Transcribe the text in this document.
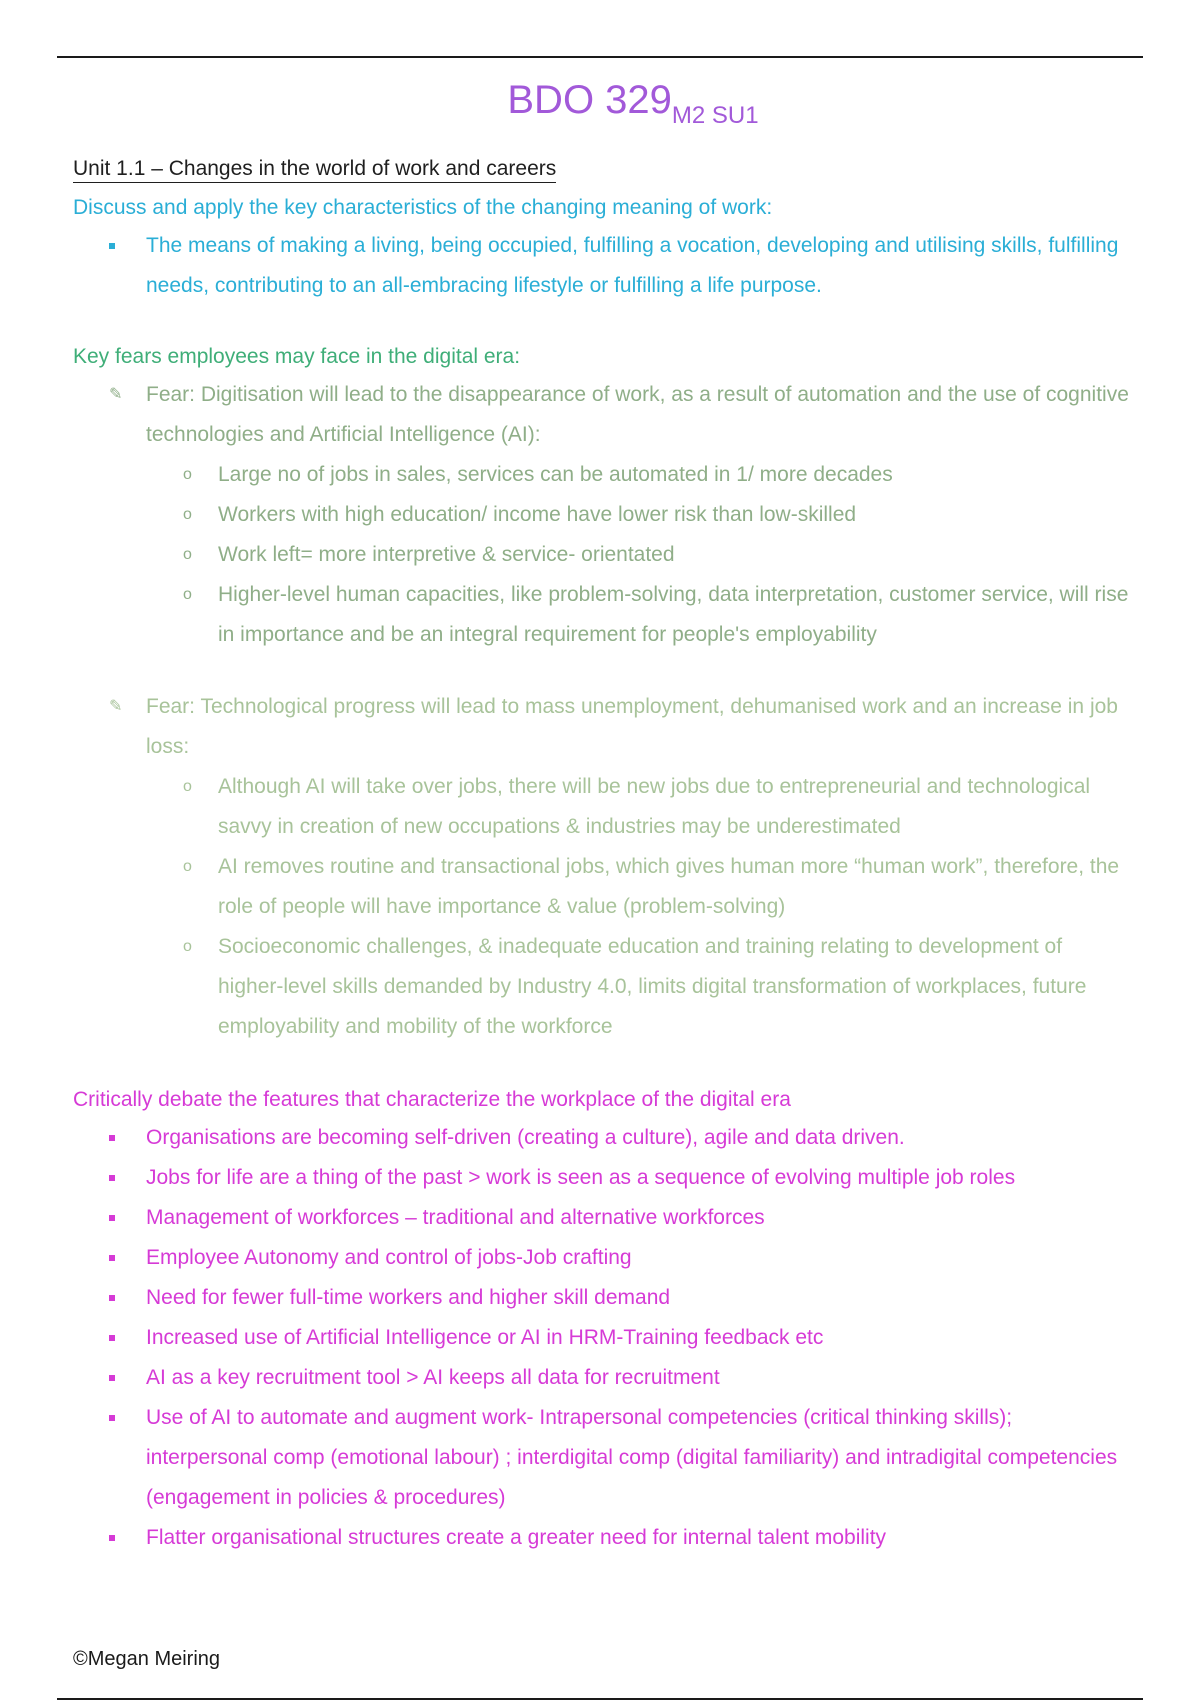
BDO $329_{M2 SU1}$
Unit 1.1 – Changes in the world of work and careers
Discuss and apply the key characteristics of the changing meaning of work:
The means of making a living, being occupied, fulfilling a vocation, developing and utilising skills, fulfilling needs, contributing to an all-embracing lifestyle or fulfilling a life purpose.
Key fears employees may face in the digital era:
✎ Fear: Digitisation will lead to the disappearance of work, as a result of automation and the use of cognitive technologies and Artificial Intelligence (AI):
o Large no of jobs in sales, services can be automated in 1/ more decades
o Workers with high education/ income have lower risk than low-skilled
o Work left= more interpretive & service- orientated
o Higher-level human capacities, like problem-solving, data interpretation, customer service, will rise in importance and be an integral requirement for people's employability
✎ Fear: Technological progress will lead to mass unemployment, dehumanised work and an increase in job loss:
o Although AI will take over jobs, there will be new jobs due to entrepreneurial and technological savvy in creation of new occupations & industries may be underestimated
o AI removes routine and transactional jobs, which gives human more “human work”, therefore, the role of people will have importance & value (problem-solving)
o Socioeconomic challenges, & inadequate education and training relating to development of higher-level skills demanded by Industry 4.0, limits digital transformation of workplaces, future employability and mobility of the workforce
Critically debate the features that characterize the workplace of the digital era
Organisations are becoming self-driven (creating a culture), agile and data driven.
Jobs for life are a thing of the past > work is seen as a sequence of evolving multiple job roles
Management of workforces – traditional and alternative workforces
Employee Autonomy and control of jobs-Job crafting
Need for fewer full-time workers and higher skill demand
Increased use of Artificial Intelligence or AI in HRM-Training feedback etc
AI as a key recruitment tool > AI keeps all data for recruitment
Use of AI to automate and augment work- Intrapersonal competencies (critical thinking skills); interpersonal comp (emotional labour) ; interdigital comp (digital familiarity) and intradigital competencies (engagement in policies & procedures)
Flatter organisational structures create a greater need for internal talent mobility
©Megan Meiring
